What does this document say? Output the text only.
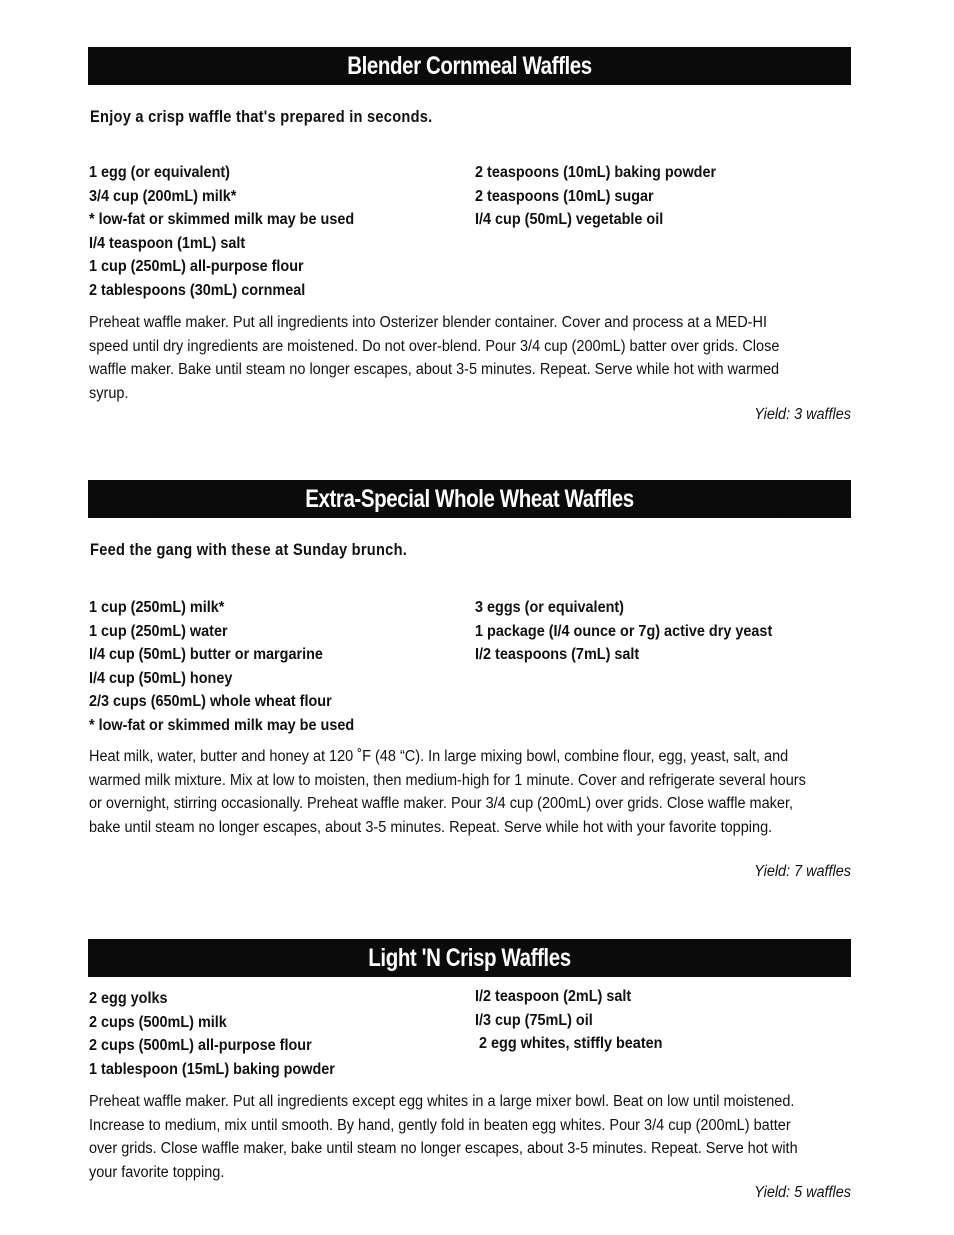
Blender Cornmeal Waffles

Enjoy a crisp waffle that's prepared in seconds.

1 egg (or equivalent)
3/4 cup (200mL) milk*
* low-fat or skimmed milk may be used
I/4 teaspoon (1mL) salt
1 cup (250mL) all-purpose flour
2 tablespoons (30mL) cornmeal
2 teaspoons (10mL) baking powder
2 teaspoons (10mL) sugar
I/4 cup (50mL) vegetable oil
Preheat waffle maker. Put all ingredients into Osterizer blender container. Cover and process at a MED-HI speed until dry ingredients are moistened. Do not over-blend. Pour 3/4 cup (200mL) batter over grids. Close waffle maker. Bake until steam no longer escapes, about 3-5 minutes. Repeat. Serve while hot with warmed syrup.
Yield: 3 waffles
Extra-Special Whole Wheat Waffles

Feed the gang with these at Sunday brunch.

1 cup (250mL) milk*
1 cup (250mL) water
I/4 cup (50mL) butter or margarine
I/4 cup (50mL) honey
2/3 cups (650mL) whole wheat flour
* low-fat or skimmed milk may be used
3 eggs (or equivalent)
1 package (I/4 ounce or 7g) active dry yeast
I/2 teaspoons (7mL) salt
Heat milk, water, butter and honey at 120 ˚F (48 “C). In large mixing bowl, combine flour, egg, yeast, salt, and warmed milk mixture. Mix at low to moisten, then medium-high for 1 minute. Cover and refrigerate several hours or overnight, stirring occasionally. Preheat waffle maker. Pour 3/4 cup (200mL) over grids. Close waffle maker, bake until steam no longer escapes, about 3-5 minutes. Repeat. Serve while hot with your favorite topping.
Yield: 7 waffles
Light 'N Crisp Waffles
2 egg yolks
2 cups (500mL) milk
2 cups (500mL) all-purpose flour
1 tablespoon (15mL) baking powder
I/2 teaspoon (2mL) salt
I/3 cup (75mL) oil
2 egg whites, stiffly beaten
Preheat waffle maker. Put all ingredients except egg whites in a large mixer bowl. Beat on low until moistened. Increase to medium, mix until smooth. By hand, gently fold in beaten egg whites. Pour 3/4 cup (200mL) batter over grids. Close waffle maker, bake until steam no longer escapes, about 3-5 minutes. Repeat. Serve hot with your favorite topping.
Yield: 5 waffles
